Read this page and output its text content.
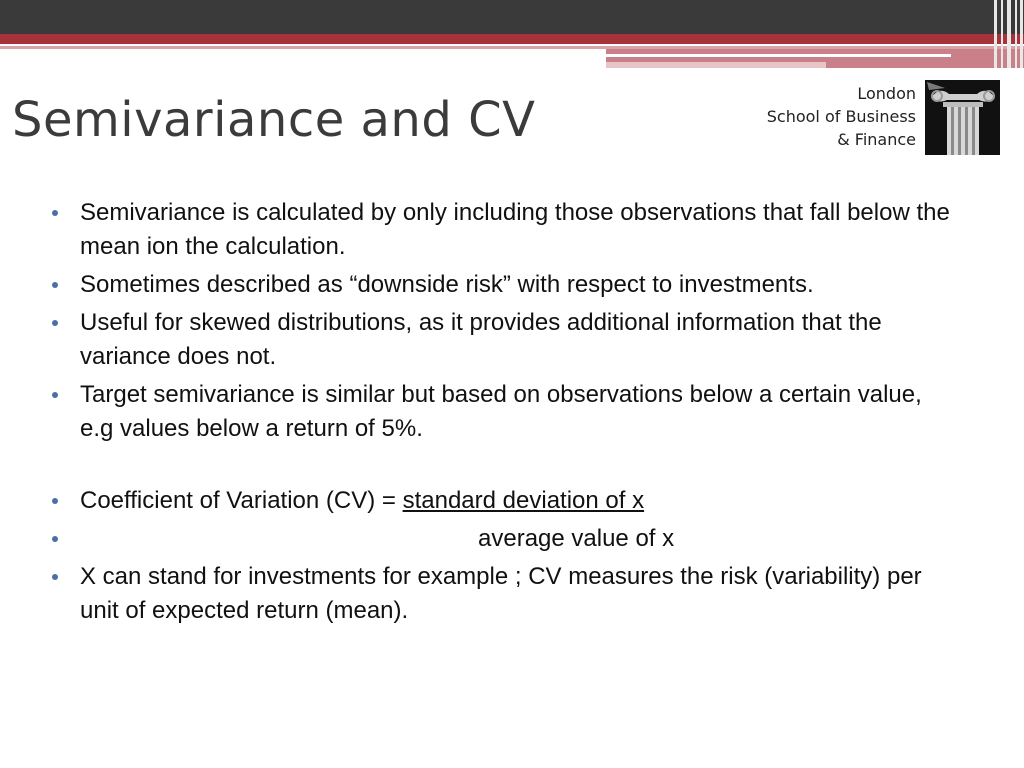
Semivariance and CV	London
School of Business
& Finance
Semivariance is calculated by only including those observations that fall below the mean ion the calculation.
Sometimes described as “downside risk” with respect to investments.
Useful for skewed distributions, as it provides additional information that the variance does not.
Target semivariance is similar but based on observations below a certain value, e.g values below a return of 5%.
Coefficient of Variation (CV) = standard deviation of x
average value of x
X can stand for investments for example ; CV measures the risk (variability) per unit of expected return (mean).
